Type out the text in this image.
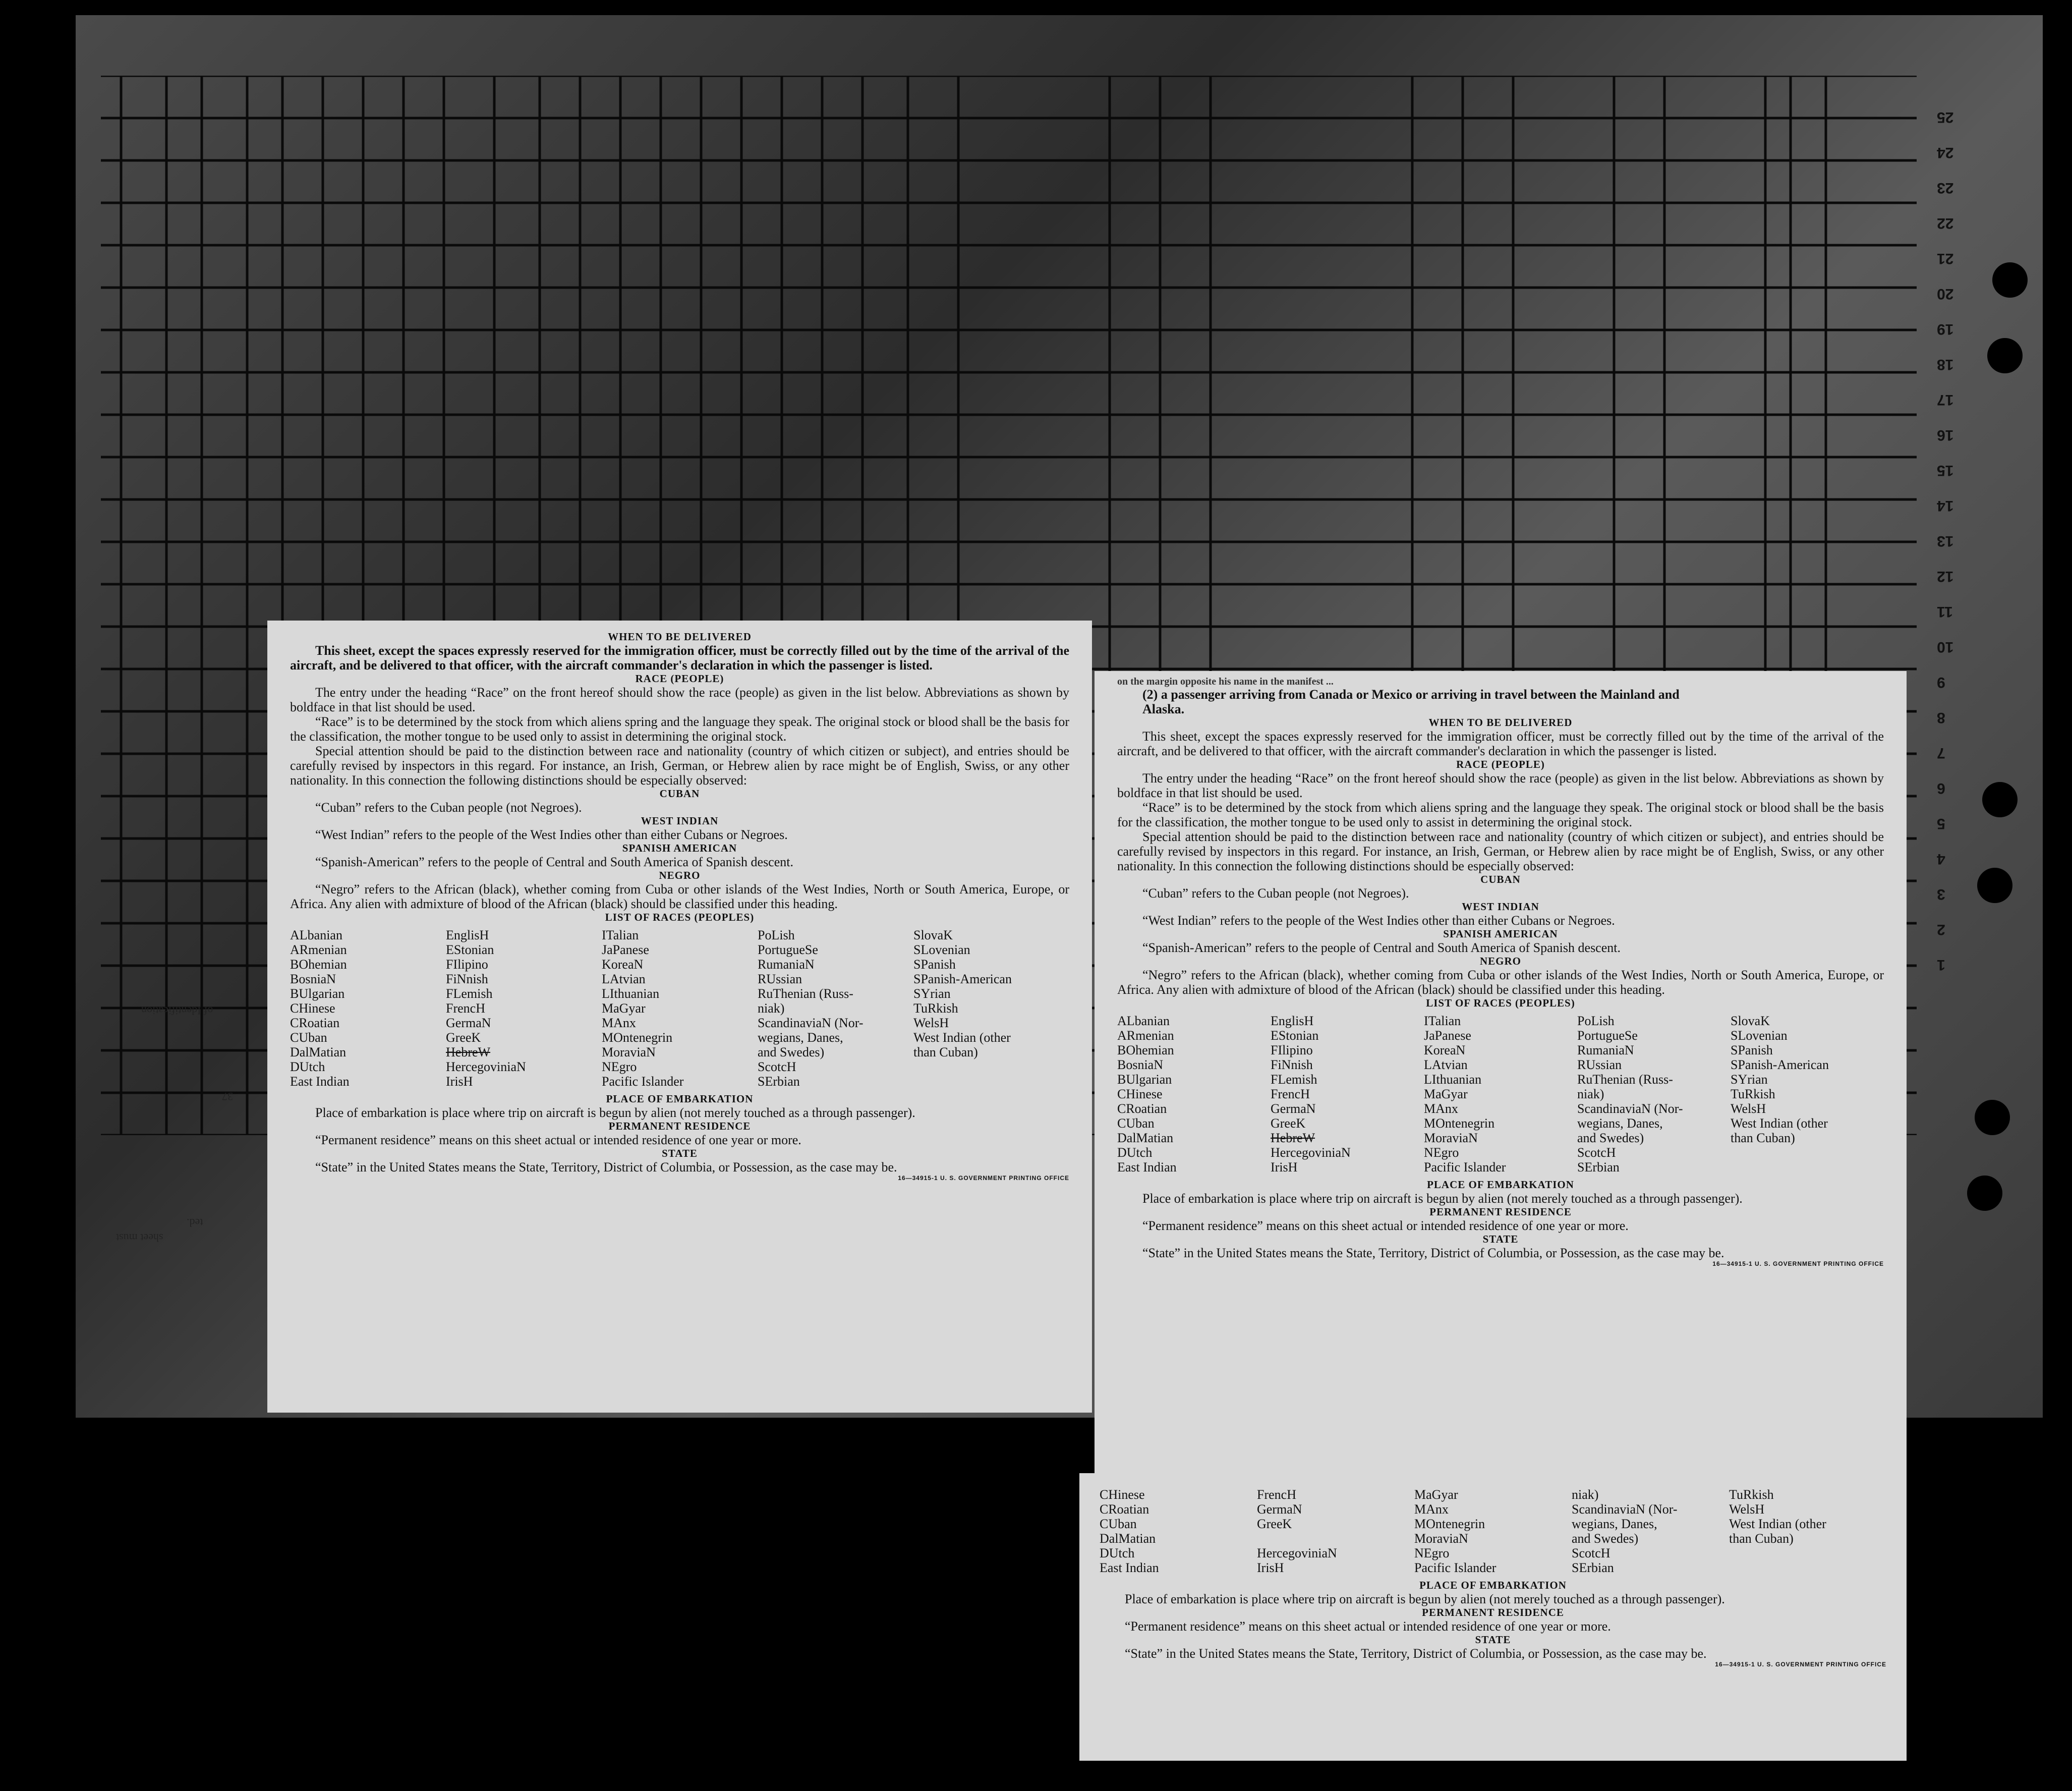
25
24
23
22
21
20
19
18
17
16
15
14
13
12
11
10
9
8
7
6
5
4
3
2
1
of Identification
37
sheet must
ted.
CHinese
CRoatian
CUban
DalMatian
DUtch
East Indian
FrencH
GermaN
GreeK

HercegoviniaN
IrisH
MaGyar
MAnx
MOntenegrin
MoraviaN
NEgro
Pacific Islander
niak)
ScandinaviaN (Nor-
wegians, Danes,
and Swedes)
ScotcH
SErbian
TuRkish
WelsH
West Indian (other
than Cuban)

PLACE OF EMBARKATION

Place of embarkation is place where trip on aircraft is begun by alien (not merely touched as a through passenger).

PERMANENT RESIDENCE

“Permanent residence” means on this sheet actual or intended residence of one year or more.

STATE

“State” in the United States means the State, Territory, District of Columbia, or Possession, as the case may be.

16—34915-1 U. S. GOVERNMENT PRINTING OFFICE

WHEN TO BE DELIVERED

This sheet, except the spaces expressly reserved for the immigration officer, must be correctly filled out by the time of the arrival of the aircraft, and be delivered to that officer, with the aircraft commander's declaration in which the passenger is listed.

RACE (PEOPLE)

The entry under the heading “Race” on the front hereof should show the race (people) as given in the list below. Abbreviations as shown by boldface in that list should be used.

“Race” is to be determined by the stock from which aliens spring and the language they speak. The original stock or blood shall be the basis for the classification, the mother tongue to be used only to assist in determining the original stock.

Special attention should be paid to the distinction between race and nationality (country of which citizen or subject), and entries should be carefully revised by inspectors in this regard. For instance, an Irish, German, or Hebrew alien by race might be of English, Swiss, or any other nationality. In this connection the following distinctions should be especially observed:

CUBAN

“Cuban” refers to the Cuban people (not Negroes).

WEST INDIAN

“West Indian” refers to the people of the West Indies other than either Cubans or Negroes.

SPANISH AMERICAN

“Spanish-American” refers to the people of Central and South America of Spanish descent.

NEGRO

“Negro” refers to the African (black), whether coming from Cuba or other islands of the West Indies, North or South America, Europe, or Africa. Any alien with admixture of blood of the African (black) should be classified under this heading.

LIST OF RACES (PEOPLES)

ALbanian
ARmenian
BOhemian
BosniaN
BUlgarian
CHinese
CRoatian
CUban
DalMatian
DUtch
East Indian
EnglisH
EStonian
FIlipino
FiNnish
FLemish
FrencH
GermaN
GreeK
HebreW
HercegoviniaN
IrisH
ITalian
JaPanese
KoreaN
LAtvian
LIthuanian
MaGyar
MAnx
MOntenegrin
MoraviaN
NEgro
Pacific Islander
PoLish
PortugueSe
RumaniaN
RUssian
RuThenian (Russ-
niak)
ScandinaviaN (Nor-
wegians, Danes,
and Swedes)
ScotcH
SErbian
SlovaK
SLovenian
SPanish
SPanish-American
SYrian
TuRkish
WelsH
West Indian (other
than Cuban)

PLACE OF EMBARKATION

Place of embarkation is place where trip on aircraft is begun by alien (not merely touched as a through passenger).

PERMANENT RESIDENCE

“Permanent residence” means on this sheet actual or intended residence of one year or more.

STATE

“State” in the United States means the State, Territory, District of Columbia, or Possession, as the case may be.

16—34915-1 U. S. GOVERNMENT PRINTING OFFICE

on the margin opposite his name in the manifest ...

(2) a passenger arriving from Canada or Mexico or arriving in travel between the Mainland and

Alaska.

WHEN TO BE DELIVERED

This sheet, except the spaces expressly reserved for the immigration officer, must be correctly filled out by the time of the arrival of the aircraft, and be delivered to that officer, with the aircraft commander's declaration in which the passenger is listed.

RACE (PEOPLE)

The entry under the heading “Race” on the front hereof should show the race (people) as given in the list below. Abbreviations as shown by boldface in that list should be used.

“Race” is to be determined by the stock from which aliens spring and the language they speak. The original stock or blood shall be the basis for the classification, the mother tongue to be used only to assist in determining the original stock.

Special attention should be paid to the distinction between race and nationality (country of which citizen or subject), and entries should be carefully revised by inspectors in this regard. For instance, an Irish, German, or Hebrew alien by race might be of English, Swiss, or any other nationality. In this connection the following distinctions should be especially observed:

CUBAN

“Cuban” refers to the Cuban people (not Negroes).

WEST INDIAN

“West Indian” refers to the people of the West Indies other than either Cubans or Negroes.

SPANISH AMERICAN

“Spanish-American” refers to the people of Central and South America of Spanish descent.

NEGRO

“Negro” refers to the African (black), whether coming from Cuba or other islands of the West Indies, North or South America, Europe, or Africa. Any alien with admixture of blood of the African (black) should be classified under this heading.

LIST OF RACES (PEOPLES)

ALbanian
ARmenian
BOhemian
BosniaN
BUlgarian
CHinese
CRoatian
CUban
DalMatian
DUtch
East Indian
EnglisH
EStonian
FIlipino
FiNnish
FLemish
FrencH
GermaN
GreeK
HebreW
HercegoviniaN
IrisH
ITalian
JaPanese
KoreaN
LAtvian
LIthuanian
MaGyar
MAnx
MOntenegrin
MoraviaN
NEgro
Pacific Islander
PoLish
PortugueSe
RumaniaN
RUssian
RuThenian (Russ-
niak)
ScandinaviaN (Nor-
wegians, Danes,
and Swedes)
ScotcH
SErbian
SlovaK
SLovenian
SPanish
SPanish-American
SYrian
TuRkish
WelsH
West Indian (other
than Cuban)

PLACE OF EMBARKATION

Place of embarkation is place where trip on aircraft is begun by alien (not merely touched as a through passenger).

PERMANENT RESIDENCE

“Permanent residence” means on this sheet actual or intended residence of one year or more.

STATE

“State” in the United States means the State, Territory, District of Columbia, or Possession, as the case may be.

16—34915-1 U. S. GOVERNMENT PRINTING OFFICE
